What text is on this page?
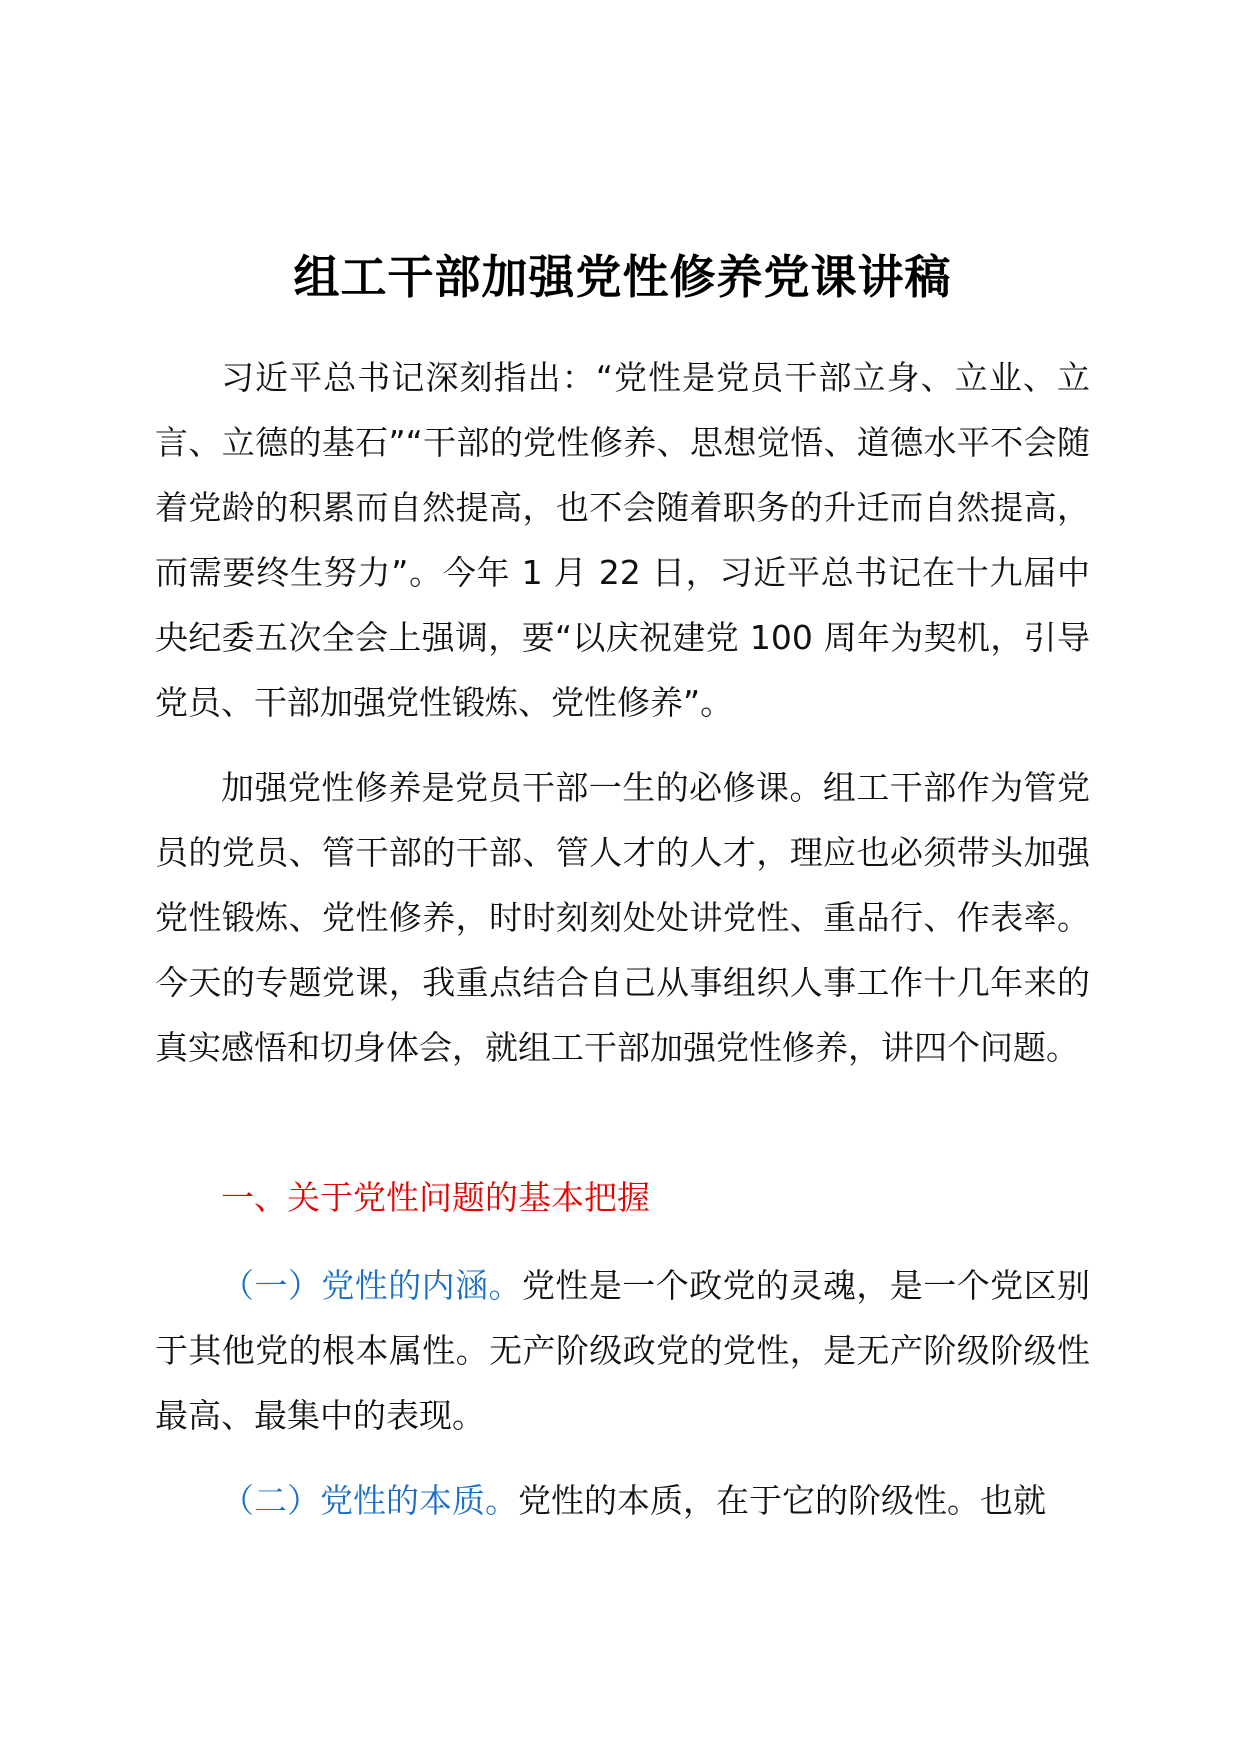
组工干部加强党性修养党课讲稿

习近平总书记深刻指出：“党性是党员干部立身、立业、立言、立德的基石”“干部的党性修养、思想觉悟、道德水平不会随着党龄的积累而自然提高，也不会随着职务的升迁而自然提高，而需要终生努力”。今年 1 月 22 日，习近平总书记在十九届中央纪委五次全会上强调，要“以庆祝建党 100 周年为契机，引导党员、干部加强党性锻炼、党性修养”。

加强党性修养是党员干部一生的必修课。组工干部作为管党员的党员、管干部的干部、管人才的人才，理应也必须带头加强党性锻炼、党性修养，时时刻刻处处讲党性、重品行、作表率。今天的专题党课，我重点结合自己从事组织人事工作十几年来的真实感悟和切身体会，就组工干部加强党性修养，讲四个问题。

一、关于党性问题的基本把握

（一）党性的内涵。党性是一个政党的灵魂，是一个党区别于其他党的根本属性。无产阶级政党的党性，是无产阶级阶级性最高、最集中的表现。

（二）党性的本质。党性的本质，在于它的阶级性。也就
